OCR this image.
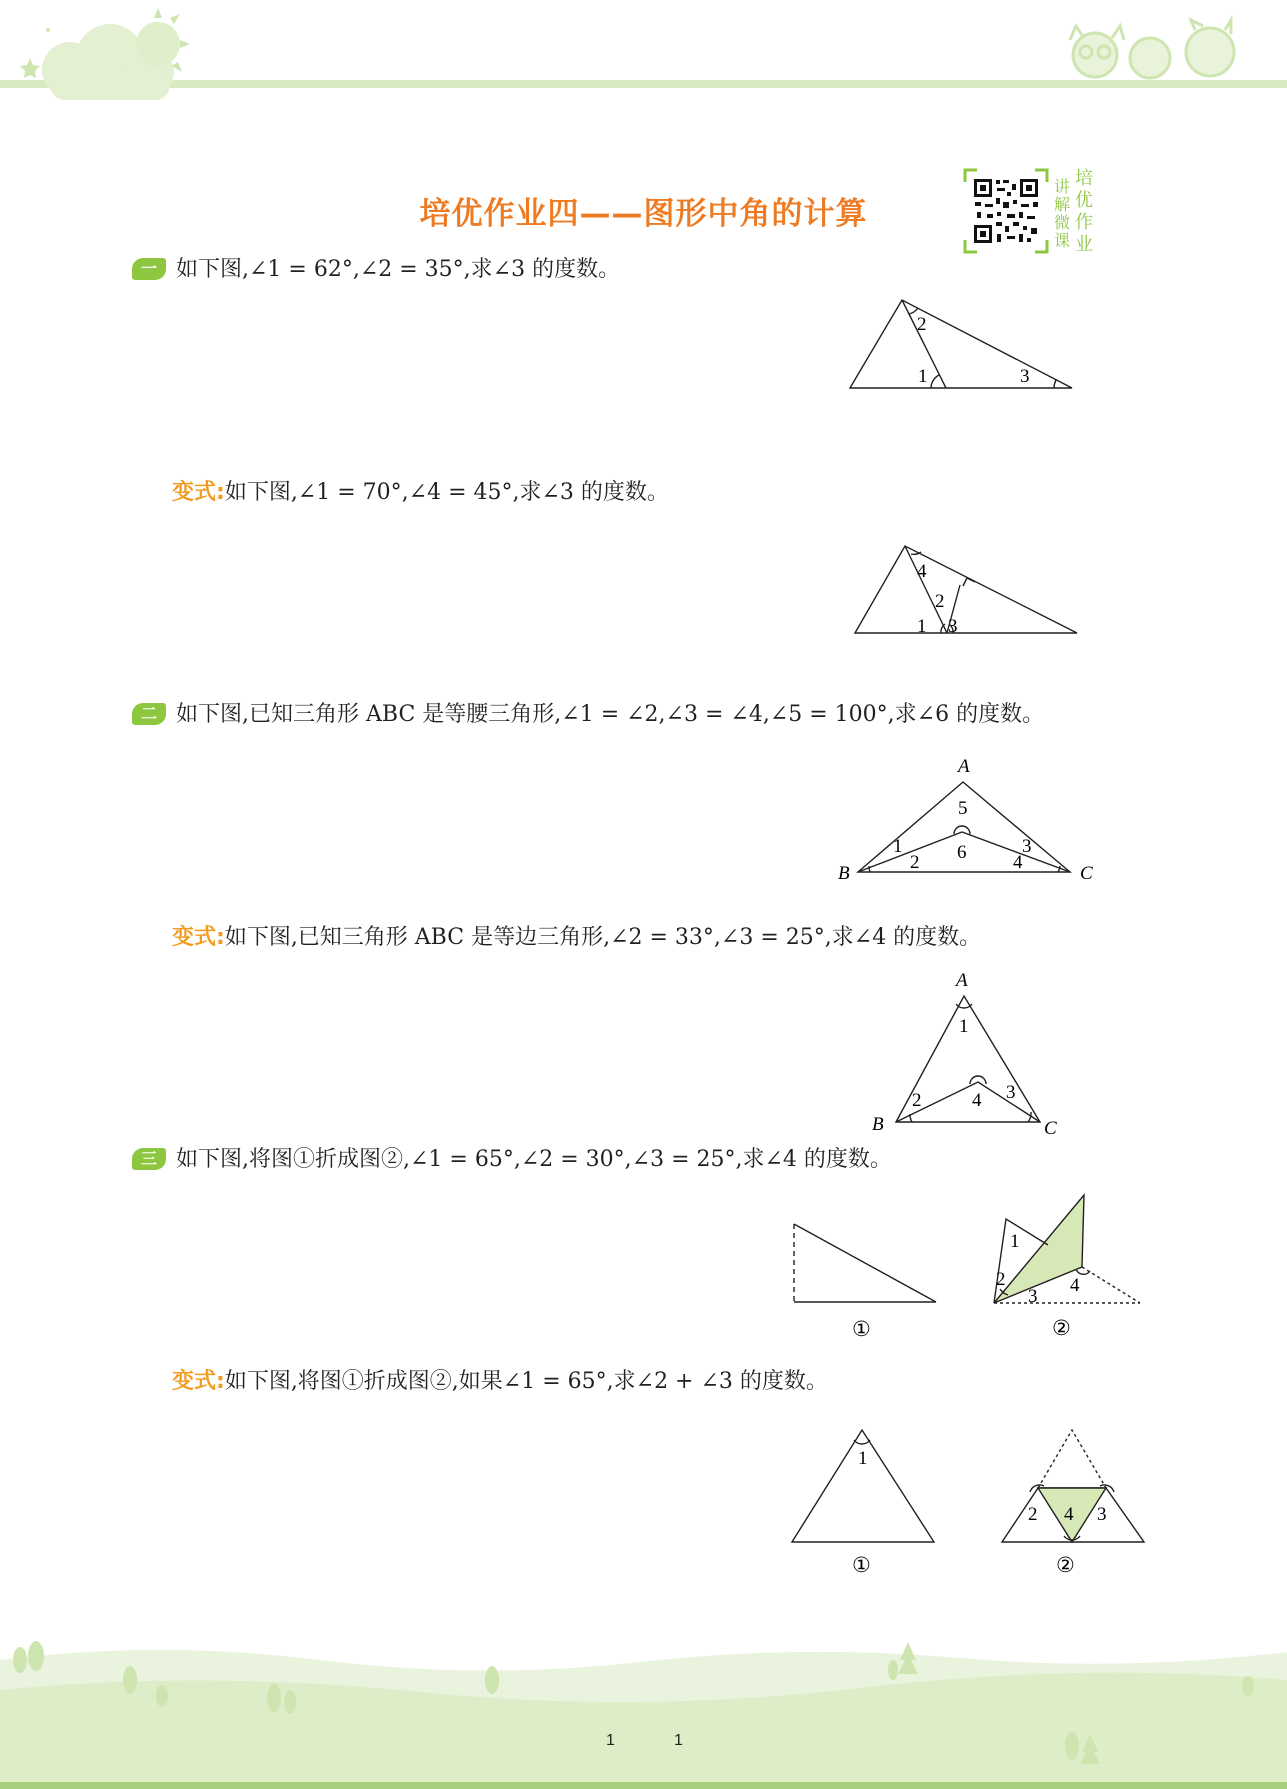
培优作业四——图形中角的计算
讲解微课
培优作业
一 如下图,∠1 = 62°,∠2 = 35°,求∠3 的度数。
1
2
3
变式:如下图,∠1 = 70°,∠4 = 45°,求∠3 的度数。
4
2
1 3
二 如下图,已知三角形 ABC 是等腰三角形,∠1 = ∠2,∠3 = ∠4,∠5 = 100°,求∠6 的度数。
A
B	C
5
1
2 6	3
4
变式:如下图,已知三角形 ABC 是等边三角形,∠2 = 33°,∠3 = 25°,求∠4 的度数。
A
B	C
1
2	4 3
三 如下图,将图①折成图②,∠1 = 65°,∠2 = 30°,∠3 = 25°,求∠4 的度数。
①
1
2
3
4
②
变式:如下图,将图①折成图②,如果∠1 = 65°,求∠2 + ∠3 的度数。
1
①
2 4 3
②
1	1
